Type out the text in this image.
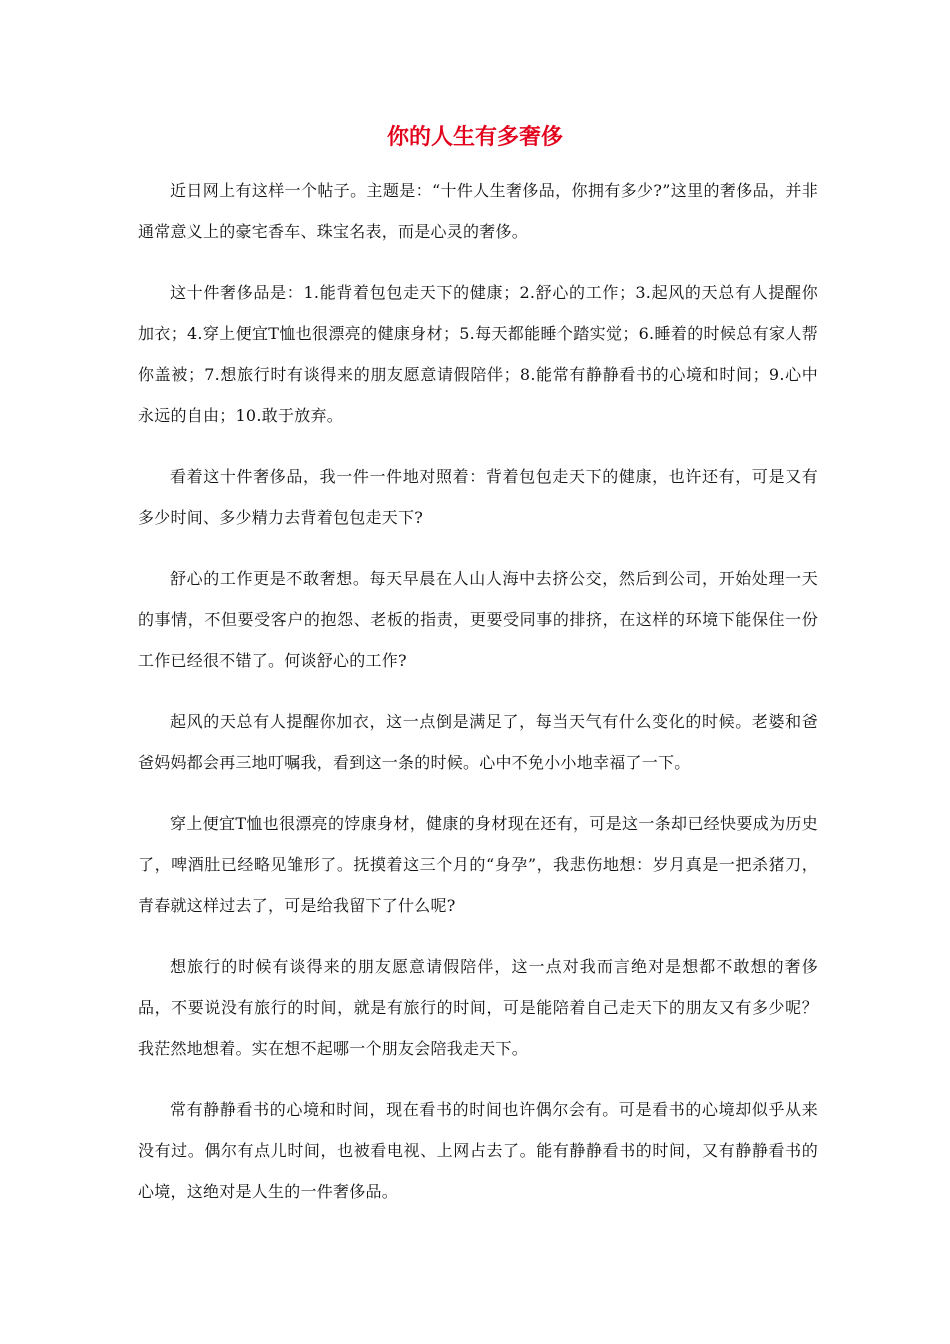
你的人生有多奢侈

近日网上有这样一个帖子。主题是：“十件人生奢侈品，你拥有多少?”这里的奢侈品，并非通常意义上的豪宅香车、珠宝名表，而是心灵的奢侈。

这十件奢侈品是：1.能背着包包走天下的健康；2.舒心的工作；3.起风的天总有人提醒你加衣；4.穿上便宜T恤也很漂亮的健康身材；5.每天都能睡个踏实觉；6.睡着的时候总有家人帮你盖被；7.想旅行时有谈得来的朋友愿意请假陪伴；8.能常有静静看书的心境和时间；9.心中永远的自由；10.敢于放弃。

看着这十件奢侈品，我一件一件地对照着：背着包包走天下的健康，也许还有，可是又有多少时间、多少精力去背着包包走天下?

舒心的工作更是不敢奢想。每天早晨在人山人海中去挤公交，然后到公司，开始处理一天的事情，不但要受客户的抱怨、老板的指责，更要受同事的排挤，在这样的环境下能保住一份工作已经很不错了。何谈舒心的工作?

起风的天总有人提醒你加衣，这一点倒是满足了，每当天气有什么变化的时候。老婆和爸爸妈妈都会再三地叮嘱我，看到这一条的时候。心中不免小小地幸福了一下。

穿上便宜T恤也很漂亮的饽康身材，健康的身材现在还有，可是这一条却已经快要成为历史了，啤酒肚已经略见雏形了。抚摸着这三个月的“身孕”，我悲伤地想：岁月真是一把杀猪刀，青春就这样过去了，可是给我留下了什么呢?

想旅行的时候有谈得来的朋友愿意请假陪伴，这一点对我而言绝对是想都不敢想的奢侈品，不要说没有旅行的时间，就是有旅行的时间，可是能陪着自己走天下的朋友又有多少呢？我茫然地想着。实在想不起哪一个朋友会陪我走天下。

常有静静看书的心境和时间，现在看书的时间也许偶尔会有。可是看书的心境却似乎从来没有过。偶尔有点儿时间，也被看电视、上网占去了。能有静静看书的时间，又有静静看书的心境，这绝对是人生的一件奢侈品。
